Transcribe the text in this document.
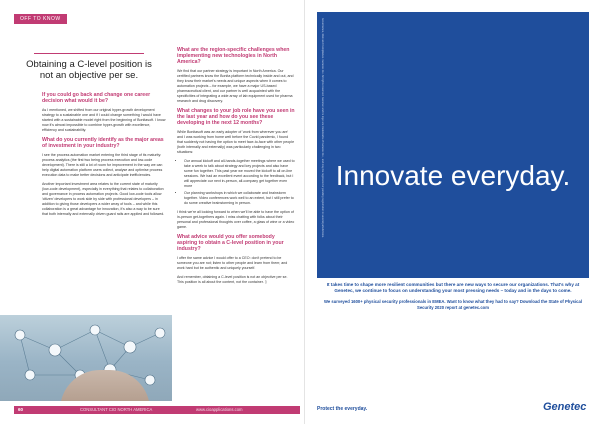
OFF TO KNOW
Obtaining a C-level position is not an objective per se.
If you could go back and change one career decision what would it be?
As I mentioned, we shifted from our original hyper-growth development strategy to a sustainable one and if I could change something I would have started with a sustainable model right from the beginning of Bonitasoft. I know now it's almost impossible to combine hyper-growth with excellence, efficiency and sustainability.
What do you currently identify as the major areas of investment in your industry?
I see the process automation market entering the third stage of its maturity: process analytics (the first two being process execution and low-code development). There is still a lot of room for improvement in the way we can help digital automation platform users collect, analyse and optimise process execution data to make better decisions and anticipate inefficiencies.
Another important investment area relates to the current state of maturity (low-code development), especially in everything that relates to collaboration and governance in process automation projects. Good low-code tools allow 'citizen' developers to work side by side with professional developers – in addition to giving those developers a wider array of tools – and while this collaboration is a great advantage for innovation, it's also a way to be sure that both internally and externally driven guard rails are applied and followed.
What are the region-specific challenges when implementing new technologies in North America?
We find that our partner strategy is important in North America. Our certified partners know the Bonita platform technically inside and out, and they know their market's needs and unique aspects when it comes to automation projects – for example, we have a major US-based pharmaceutical client, and our partner is well acquainted with the specificities of integrating a wide array of lab equipment used for pharma research and drug discovery.
What changes to your job role have you seen in the last year and how do you see these developing in the next 12 months?
While Bonitasoft was an early adopter of 'work from wherever you are' and I was working from home well before the Covid pandemic, I found that suddenly not having the option to meet face-to-face with other people (both internally and externally) was particularly challenging in two situations:
• Our annual kickoff and all-hands-together meetings where we used to take a week to talk about strategy and key projects and also have some fun together. This past year we moved the kickoff to all on-line sessions. We had an excellent event according to the feedback, but I will appreciate our next in-person, all-company get together even more
• Our planning workshops in which we collaborate and brainstorm together. Video conferences work well to an extent, but I still prefer to do some creative brainstorming in person.
I think we're all looking forward to when we'll be able to have the option of in-person get-togethers again. I miss chatting with folks about their personal and professional thoughts over coffee, a glass of wine or a video game.
What advice would you offer somebody aspiring to obtain a C-level position in your industry?
I offer the same advice I would offer to a CEO: don't pretend to be someone you are not; listen to other people and learn from them; and work hard but be authentic and uniquely yourself.
And remember, obtaining a C-level position is not an objective per se. This position is all about the content, not the container. ▯
60	CONSULTANT CIO NORTH AMERICA	www.cioapplications.com
Governance, Risk and Compliance. Genetec Inc. All rights reserved. Genetec and its logo are trademarks of Genetec Inc., and may be registered or pending registration in several jurisdictions. Innovate everyday.
It takes time to shape more resilient communities but there are new ways to secure our organizations. That's why at Genetec, we continue to focus on understanding your most pressing needs – today and in the days to come.
We surveyed 1600+ physical security professionals in EMEA. Want to know what they had to say? Download the State of Physical Security 2020 report at genetec.com
Protect the everyday.	Genetec
